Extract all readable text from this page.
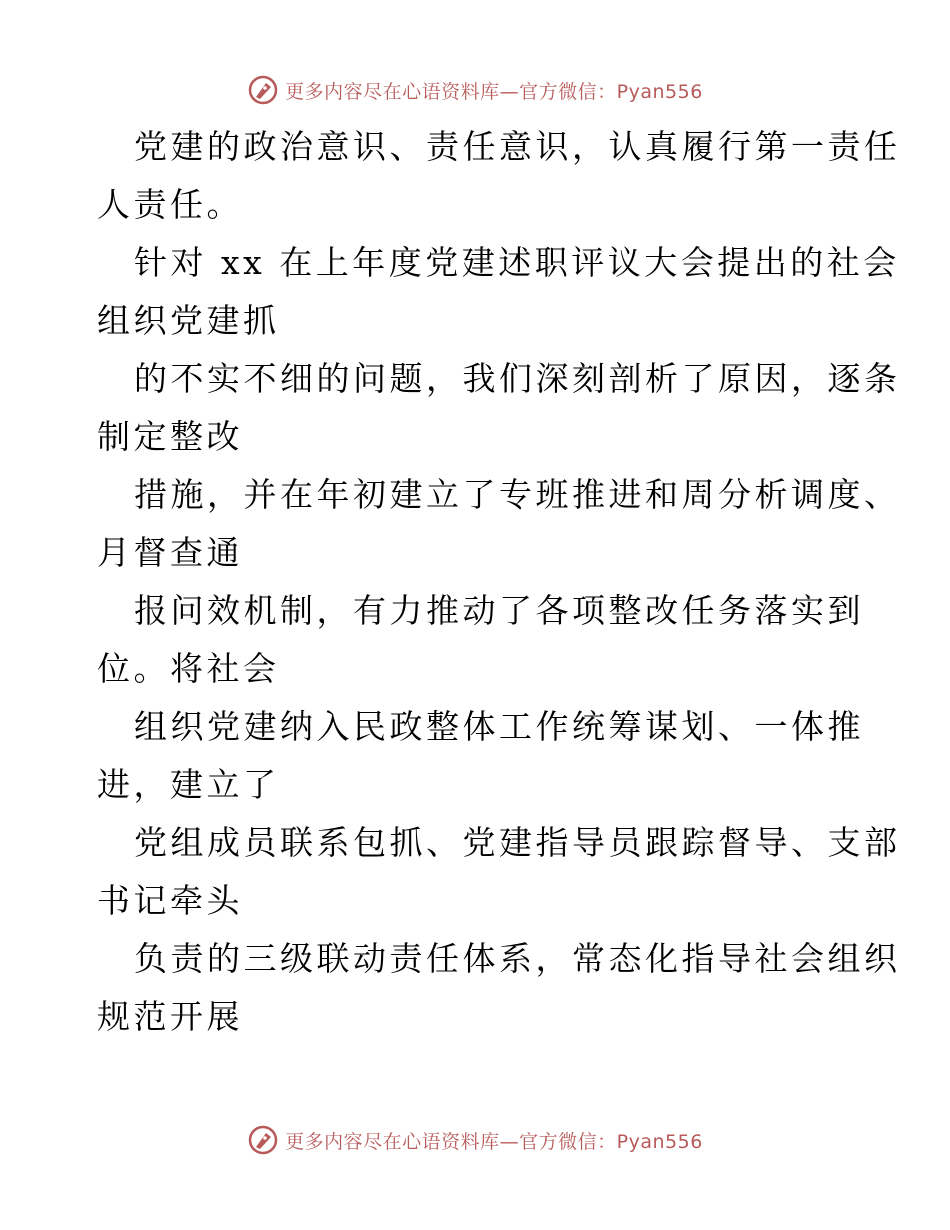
更多内容尽在心语资料库—官方微信：Pyan556
党建的政治意识、责任意识，认真履行第一责任
人责任。
针对 xx 在上年度党建述职评议大会提出的社会
组织党建抓
的不实不细的问题，我们深刻剖析了原因，逐条
制定整改
措施，并在年初建立了专班推进和周分析调度、
月督查通
报问效机制，有力推动了各项整改任务落实到
位。将社会
组织党建纳入民政整体工作统筹谋划、一体推
进，建立了
党组成员联系包抓、党建指导员跟踪督导、支部
书记牵头
负责的三级联动责任体系，常态化指导社会组织
规范开展
更多内容尽在心语资料库—官方微信：Pyan556
